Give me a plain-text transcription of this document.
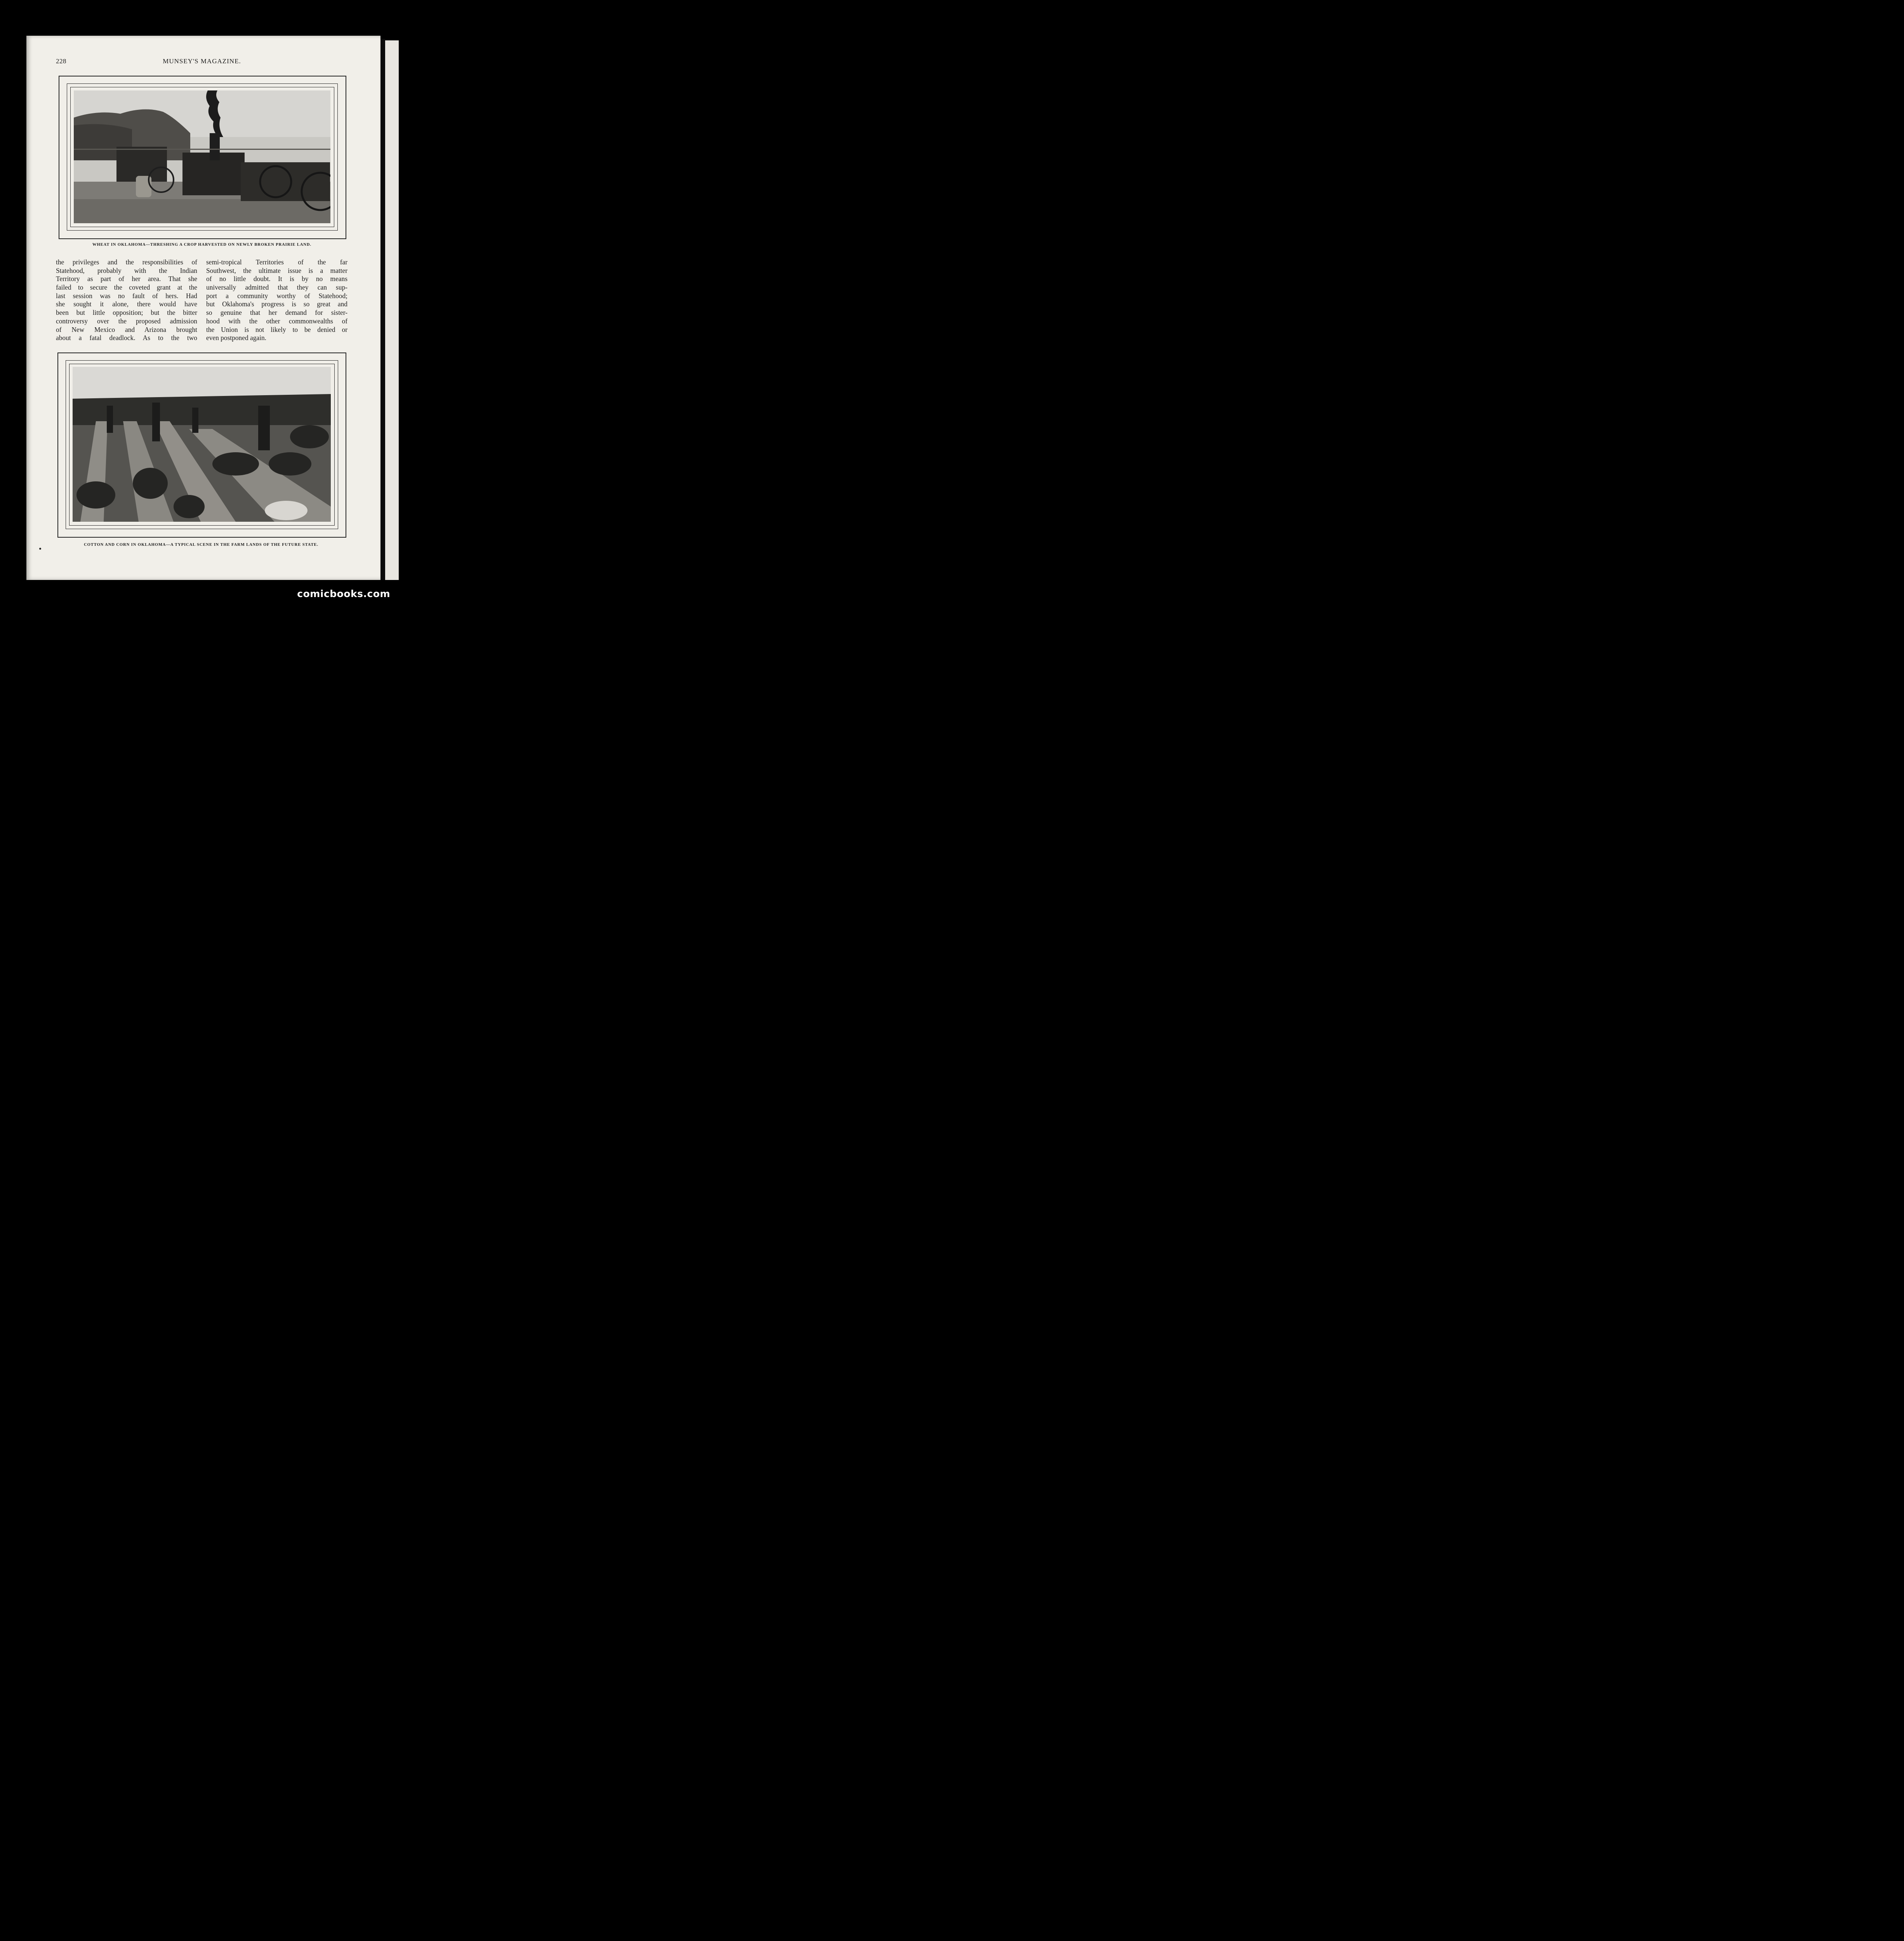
228	MUNSEY'S MAGAZINE.
WHEAT IN OKLAHOMA—THRESHING A CROP HARVESTED ON NEWLY BROKEN PRAIRIE LAND.
the privileges and the responsibilities of
Statehood, probably with the Indian
Territory as part of her area. That she
failed to secure the coveted grant at the
last session was no fault of hers. Had
she sought it alone, there would have
been but little opposition; but the bitter
controversy over the proposed admission
of New Mexico and Arizona brought
about a fatal deadlock. As to the two
semi-tropical Territories of the far
Southwest, the ultimate issue is a matter
of no little doubt. It is by no means
universally admitted that they can sup-
port a community worthy of Statehood;
but Oklahoma's progress is so great and
so genuine that her demand for sister-
hood with the other commonwealths of
the Union is not likely to be denied or
even postponed again.
COTTON AND CORN IN OKLAHOMA—A TYPICAL SCENE IN THE FARM LANDS OF THE FUTURE STATE.
comicbooks.com
